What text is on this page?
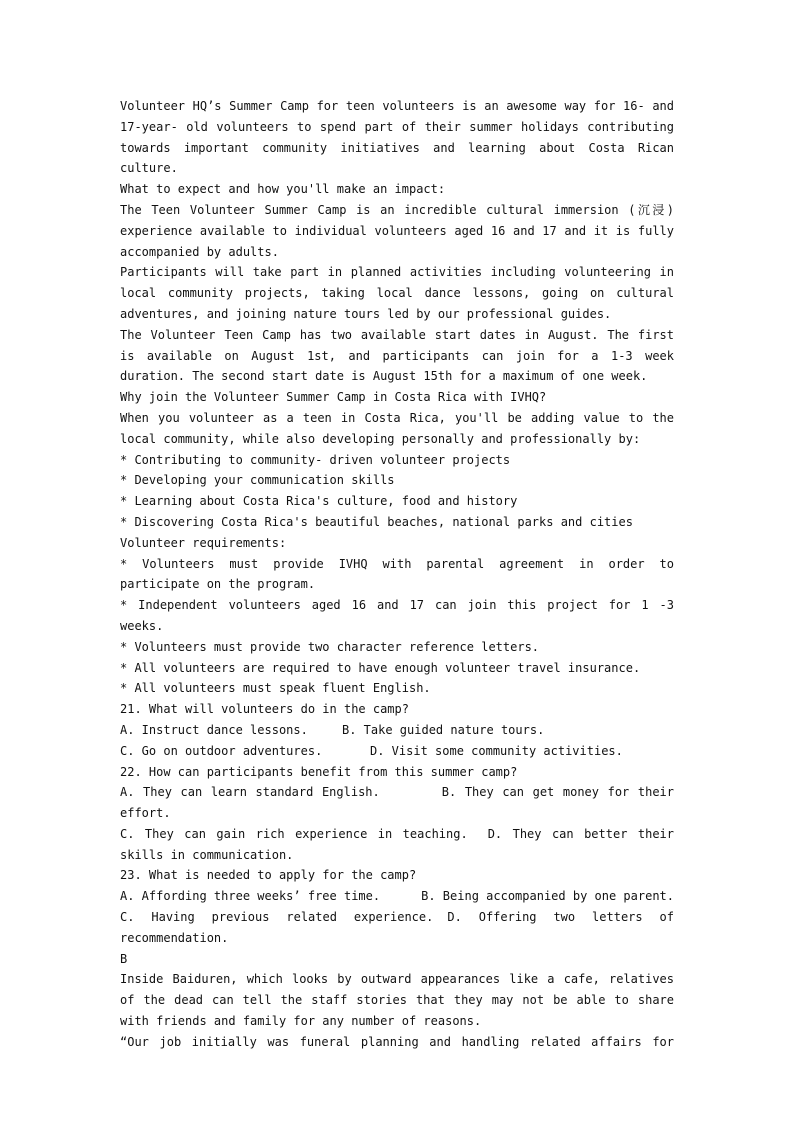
Volunteer HQ’s Summer Camp for teen volunteers is an awesome way for 16- and 17-year- old volunteers to spend part of their summer holidays contributing towards important community initiatives and learning about Costa Rican culture.

What to expect and how you'll make an impact:

The Teen Volunteer Summer Camp is an incredible cultural immersion (沉浸) experience available to individual volunteers aged 16 and 17 and it is fully accompanied by adults.

Participants will take part in planned activities including volunteering in local community projects, taking local dance lessons, going on cultural adventures, and joining nature tours led by our professional guides.

The Volunteer Teen Camp has two available start dates in August. The first is available on August 1st, and participants can join for a 1-3 week duration. The second start date is August 15th for a maximum of one week.

Why join the Volunteer Summer Camp in Costa Rica with IVHQ?

When you volunteer as a teen in Costa Rica, you'll be adding value to the local community, while also developing personally and professionally by:

* Contributing to community- driven volunteer projects

* Developing your communication skills

* Learning about Costa Rica's culture, food and history

* Discovering Costa Rica's beautiful beaches, national parks and cities

Volunteer requirements:

* Volunteers must provide IVHQ with parental agreement in order to participate on the program.

* Independent volunteers aged 16 and 17 can join this project for 1 -3 weeks.

* Volunteers must provide two character reference letters.

* All volunteers are required to have enough volunteer travel insurance.

* All volunteers must speak fluent English.

21. What will volunteers do in the camp?

A. Instruct dance lessons.	B. Take guided nature tours.
C. Go on outdoor adventures.	D. Visit some community activities.

22. How can participants benefit from this summer camp?

A. They can learn standard English.	B. They can get money for their effort.
C. They can gain rich experience in teaching. D. They can better their skills in communication.

23. What is needed to apply for the camp?

A. Affording three weeks’ free time.	B. Being accompanied by one parent.
C. Having previous related experience. D. Offering two letters of recommendation.

B

Inside Baiduren, which looks by outward appearances like a cafe, relatives of the dead can tell the staff stories that they may not be able to share with friends and family for any number of reasons.

“Our job initially was funeral planning and handling related affairs for
